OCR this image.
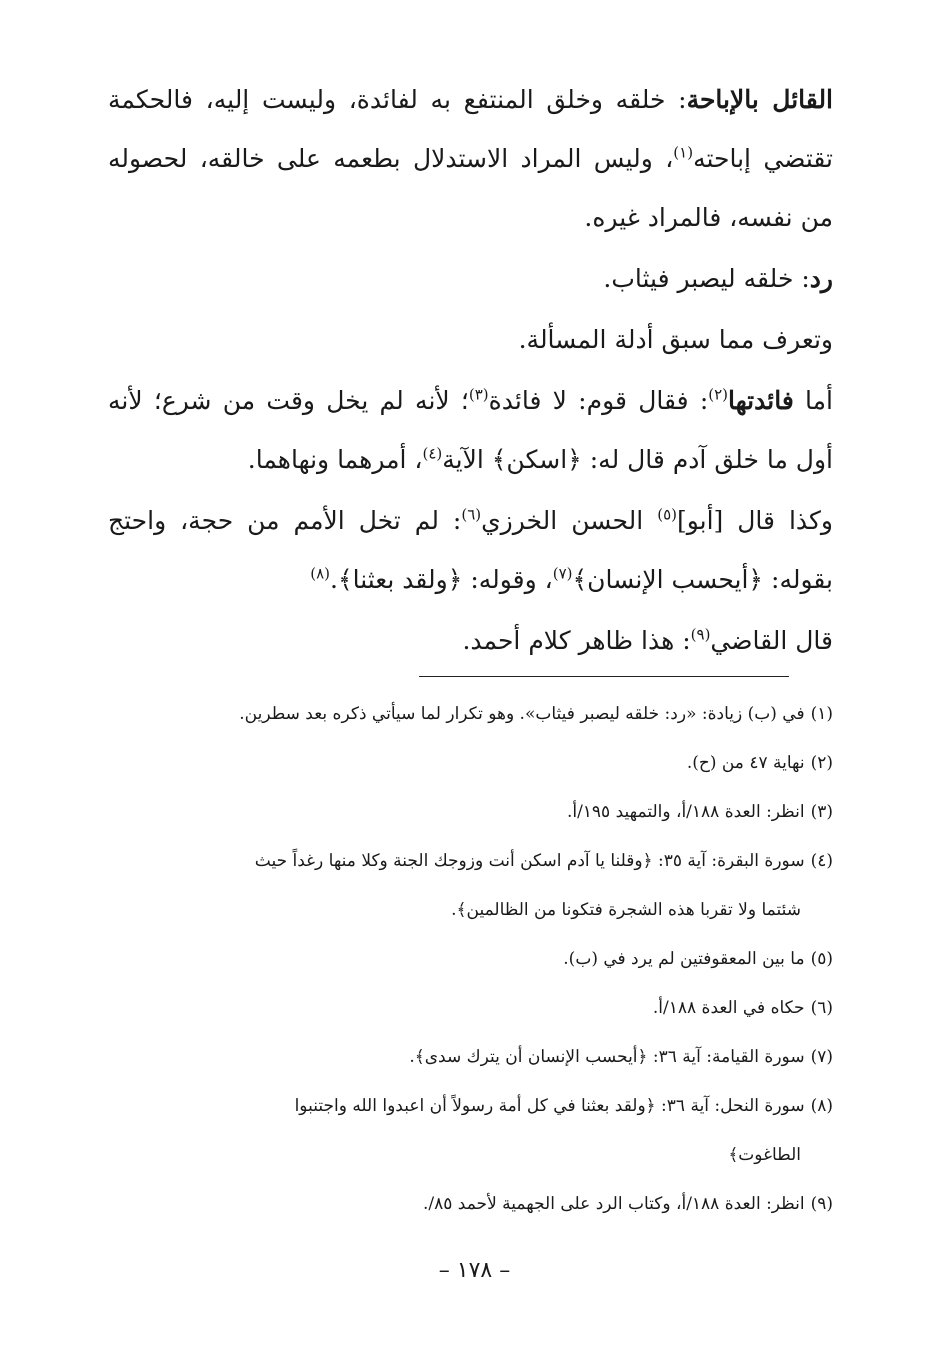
القائل بالإباحة: خلقه وخلق المنتفع به لفائدة، وليست إليه، فالحكمة تقتضي إباحته$^{(١)}$، وليس المراد الاستدلال بطعمه على خالقه، لحصوله من نفسه، فالمراد غيره.

رد: خلقه ليصبر فيثاب.

وتعرف مما سبق أدلة المسألة.

أما فائدتها$^{(٢)}$: فقال قوم: لا فائدة$^{(٣)}$؛ لأنه لم يخل وقت من شرع؛ لأنه أول ما خلق آدم قال له: ﴿اسكن﴾ الآية$^{(٤)}$، أمرهما ونهاهما.

وكذا قال [أبو]$^{(٥)}$ الحسن الخرزي$^{(٦)}$: لم تخل الأمم من حجة، واحتج بقوله: ﴿أيحسب الإنسان﴾$^{(٧)}$، وقوله: ﴿ولقد بعثنا﴾.$^{(٨)}$

قال القاضي$^{(٩)}$: هذا ظاهر كلام أحمد.

(١)في (ب) زيادة: «رد: خلقه ليصبر فيثاب». وهو تكرار لما سيأتي ذكره بعد سطرين.

(٢)نهاية ٤٧ من (ح).

(٣)انظر: العدة ١٨٨/أ، والتمهيد ١٩٥/أ.

(٤)سورة البقرة: آية ٣٥: ﴿وقلنا يا آدم اسكن أنت وزوجك الجنة وكلا منها رغداً حيث

شئتما ولا تقربا هذه الشجرة فتكونا من الظالمين﴾.

(٥)ما بين المعقوفتين لم يرد في (ب).

(٦)حكاه في العدة ١٨٨/أ.

(٧)سورة القيامة: آية ٣٦: ﴿أيحسب الإنسان أن يترك سدى﴾.

(٨)سورة النحل: آية ٣٦: ﴿ولقد بعثنا في كل أمة رسولاً أن اعبدوا الله واجتنبوا

الطاغوت﴾

(٩)انظر: العدة ١٨٨/أ، وكتاب الرد على الجهمية لأحمد ٨٥/.

– ١٧٨ –
